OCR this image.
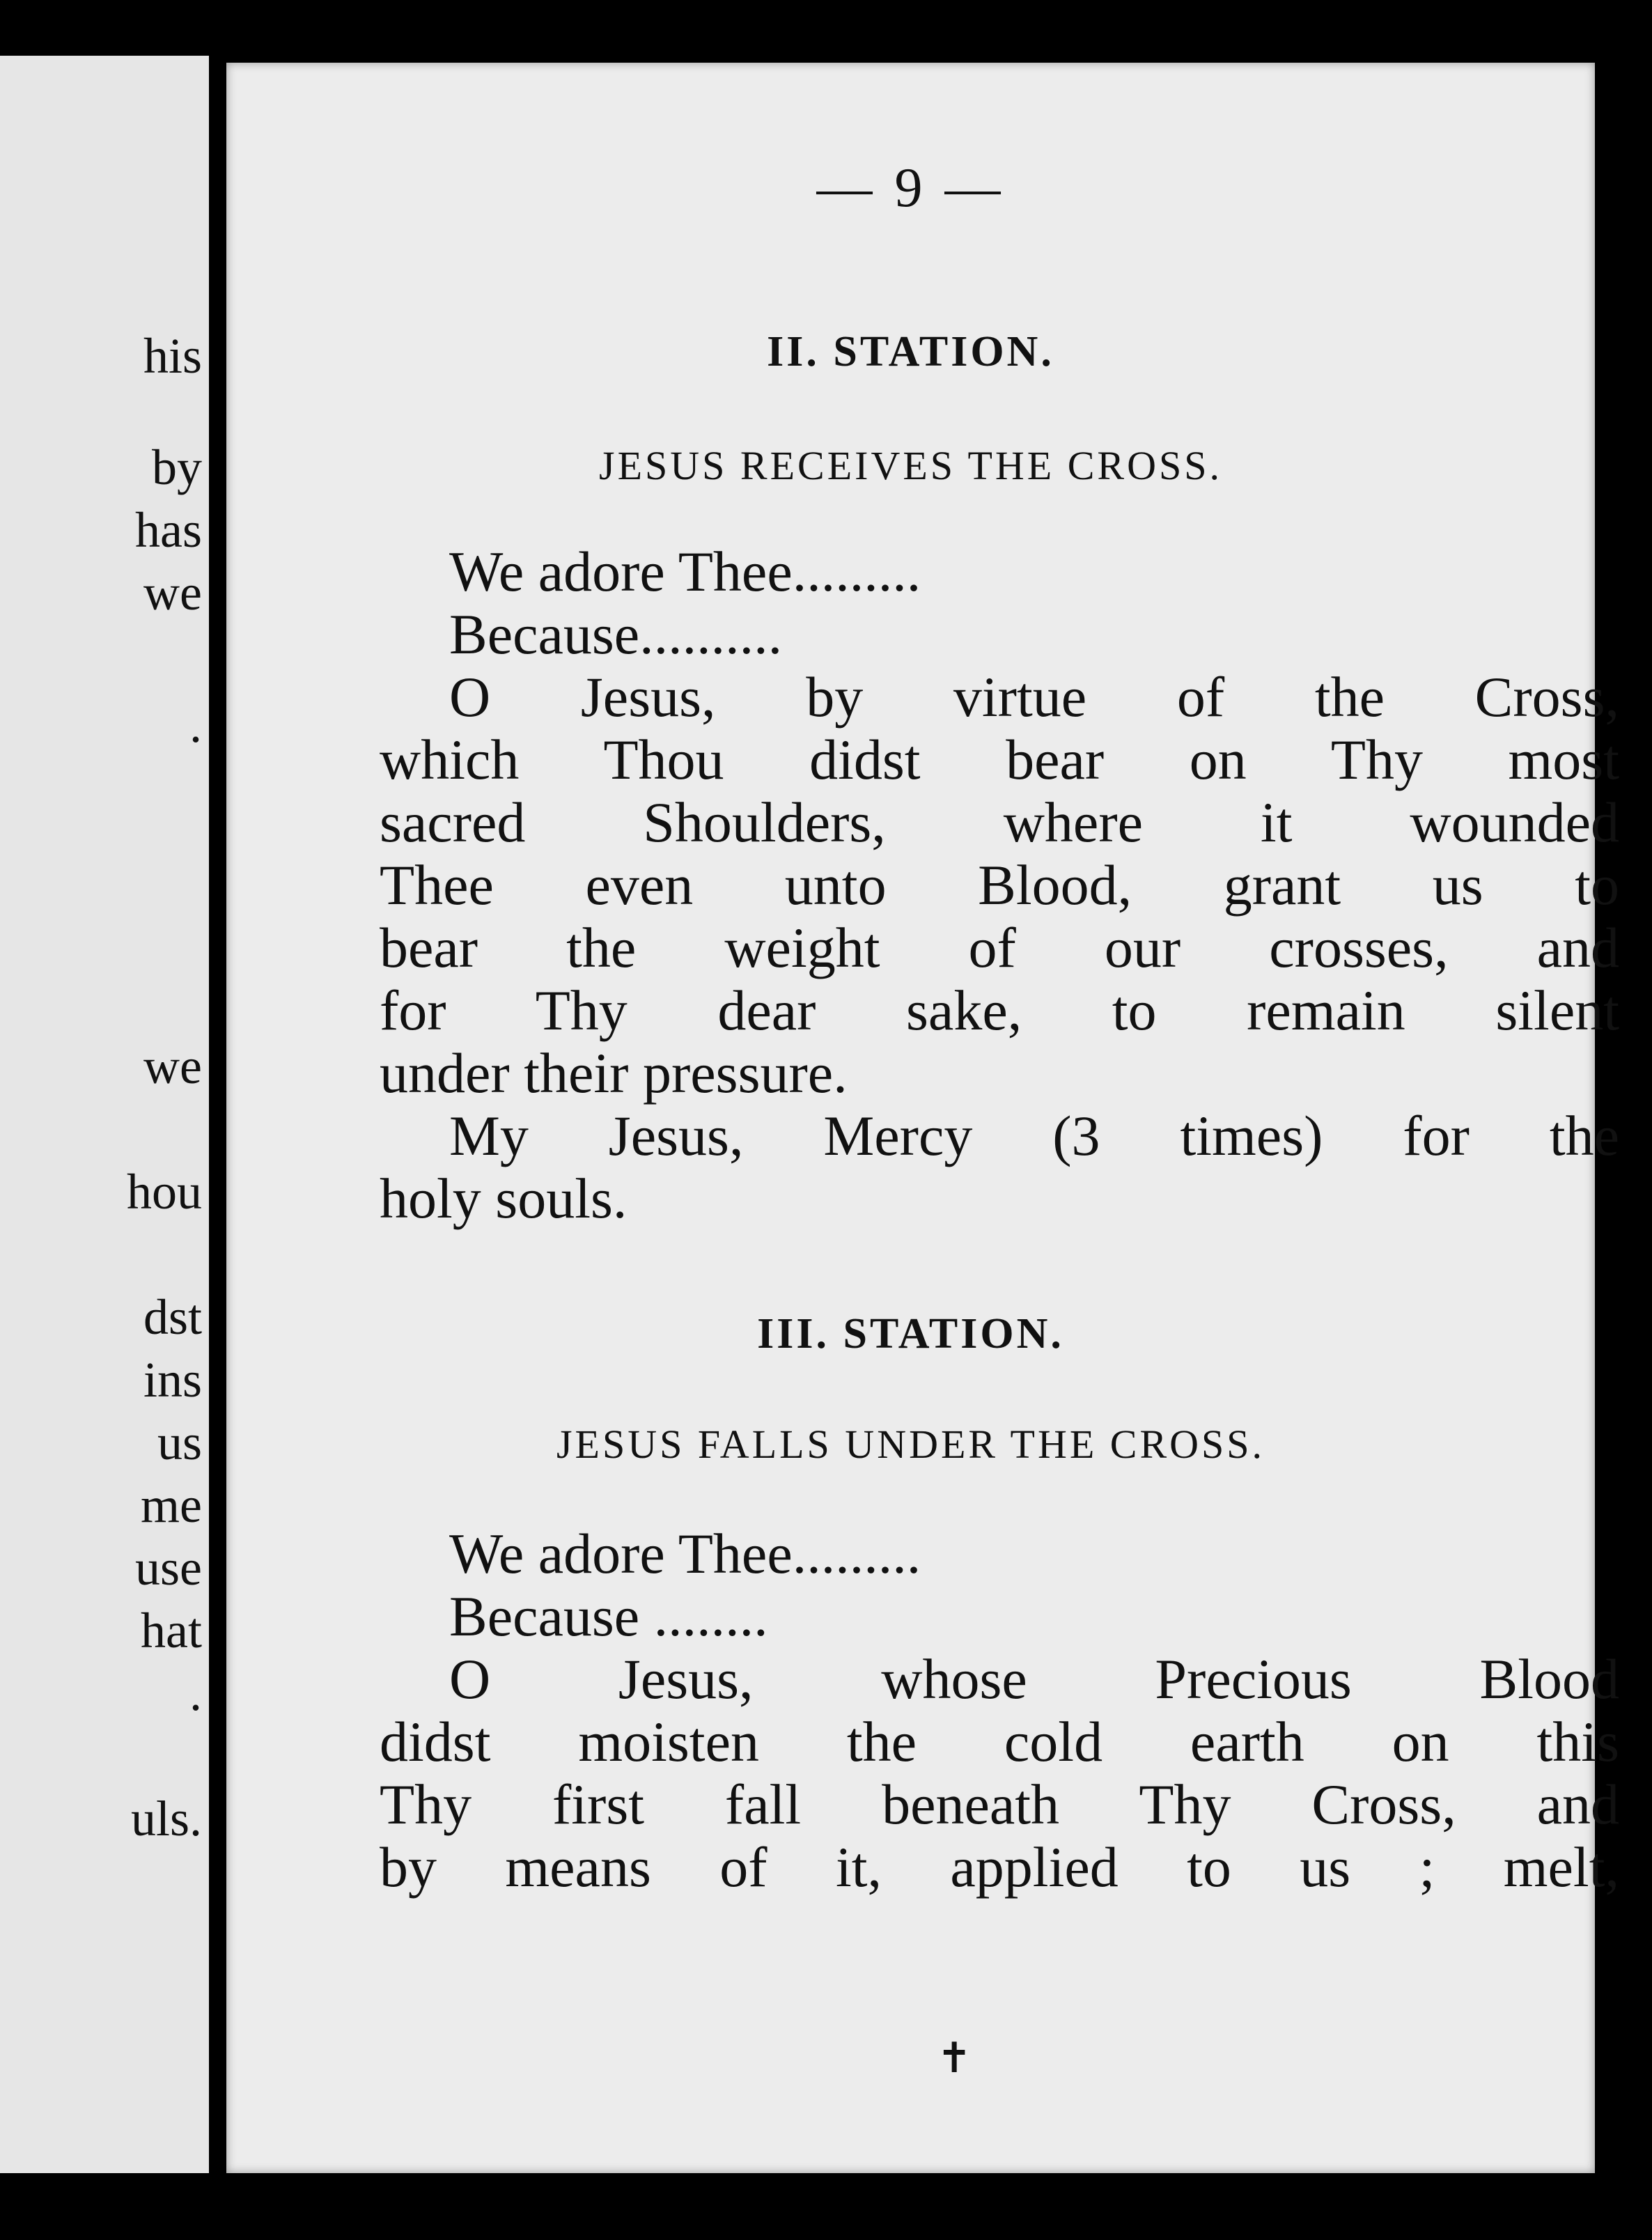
his
by
has
we
.
we
hou
dst
ins
us
me
use
hat
.
uls.
— 9 —
II. STATION.
JESUS RECEIVES THE CROSS.
We adore Thee.........
Because..........
O Jesus, by virtue of the Cross,
which Thou didst bear on Thy most
sacred Shoulders, where it wounded
Thee even unto Blood, grant us to
bear the weight of our crosses, and
for Thy dear sake, to remain silent
under their pressure.
My Jesus, Mercy (3 times) for the
holy souls.
III. STATION.
JESUS FALLS UNDER THE CROSS.
We adore Thee.........
Because ........
O Jesus, whose Precious Blood
didst moisten the cold earth on this
Thy first fall beneath Thy Cross, and
by means of it, applied to us ; melt,
✝
